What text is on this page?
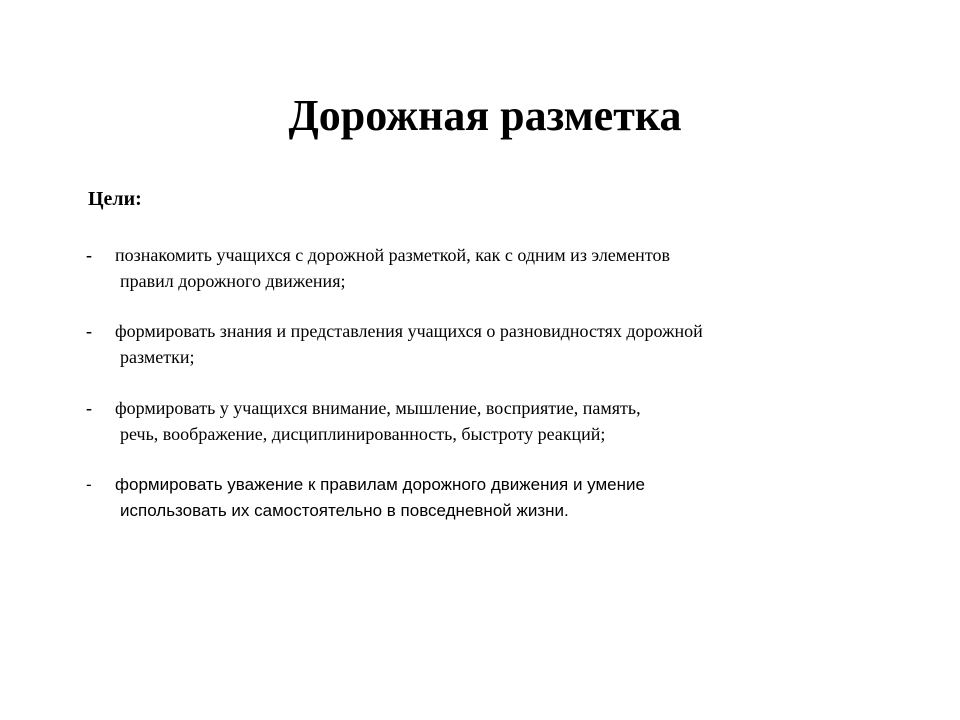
Дорожная разметка
Цели:
-	познакомить учащихся с дорожной разметкой, как с одним из элементов
правил дорожного движения;
-	формировать знания и представления учащихся о разновидностях дорожной
разметки;
-	формировать у учащихся внимание, мышление, восприятие, память,
речь, воображение, дисциплинированность, быстроту реакций;
-	формировать уважение к правилам дорожного движения и умение
использовать их самостоятельно в повседневной жизни.
